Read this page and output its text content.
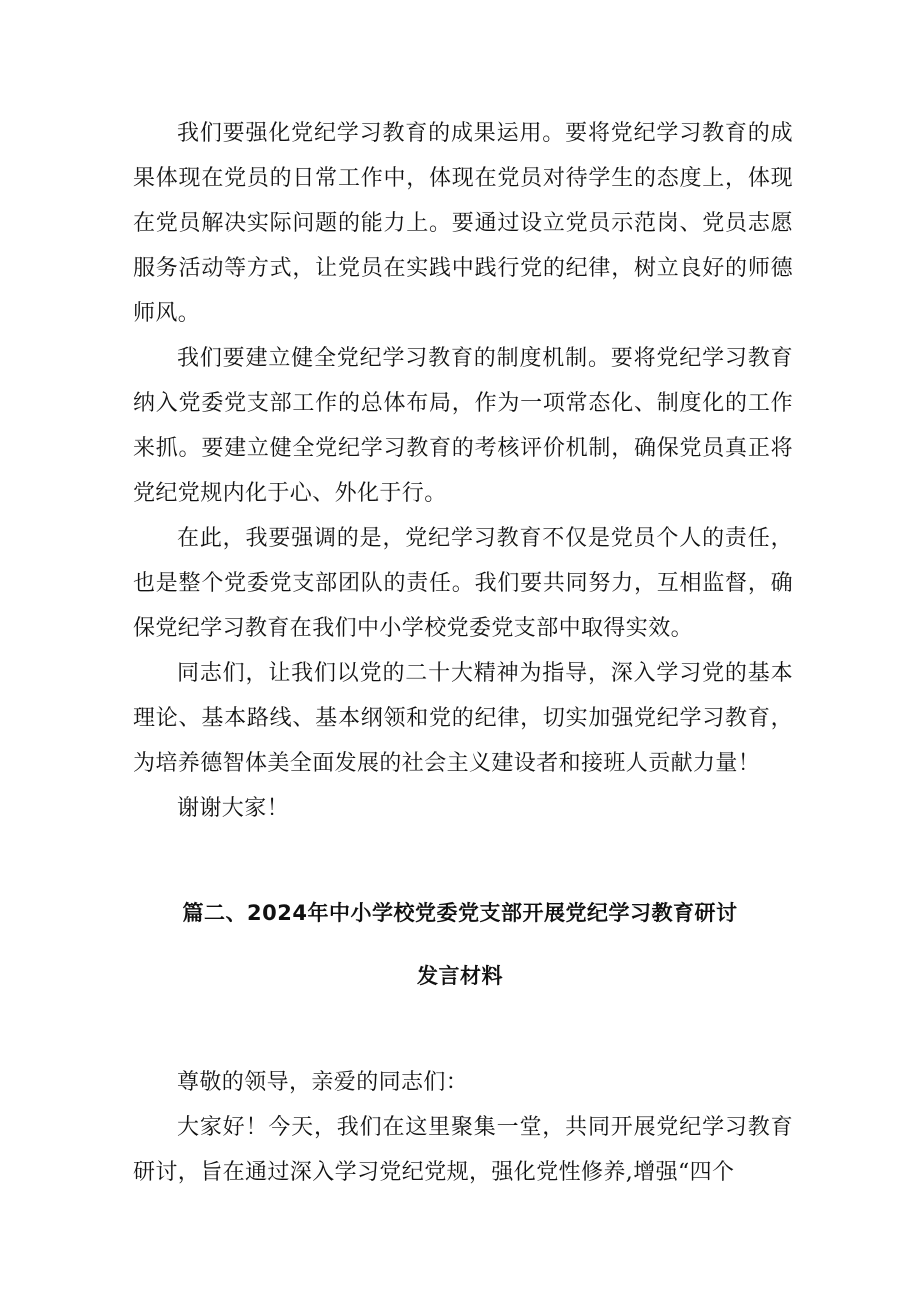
我们要强化党纪学习教育的成果运用。要将党纪学习教育的成果体现在党员的日常工作中，体现在党员对待学生的态度上，体现在党员解决实际问题的能力上。要通过设立党员示范岗、党员志愿服务活动等方式，让党员在实践中践行党的纪律，树立良好的师德师风。

我们要建立健全党纪学习教育的制度机制。要将党纪学习教育纳入党委党支部工作的总体布局，作为一项常态化、制度化的工作来抓。要建立健全党纪学习教育的考核评价机制，确保党员真正将党纪党规内化于心、外化于行。

在此，我要强调的是，党纪学习教育不仅是党员个人的责任，也是整个党委党支部团队的责任。我们要共同努力，互相监督，确保党纪学习教育在我们中小学校党委党支部中取得实效。

同志们，让我们以党的二十大精神为指导，深入学习党的基本理论、基本路线、基本纲领和党的纪律，切实加强党纪学习教育，为培养德智体美全面发展的社会主义建设者和接班人贡献力量！

谢谢大家！

篇二、2024年中小学校党委党支部开展党纪学习教育研讨
发言材料

尊敬的领导，亲爱的同志们：

大家好！今天，我们在这里聚集一堂，共同开展党纪学习教育研讨，旨在通过深入学习党纪党规，强化党性修养,增强“四个
